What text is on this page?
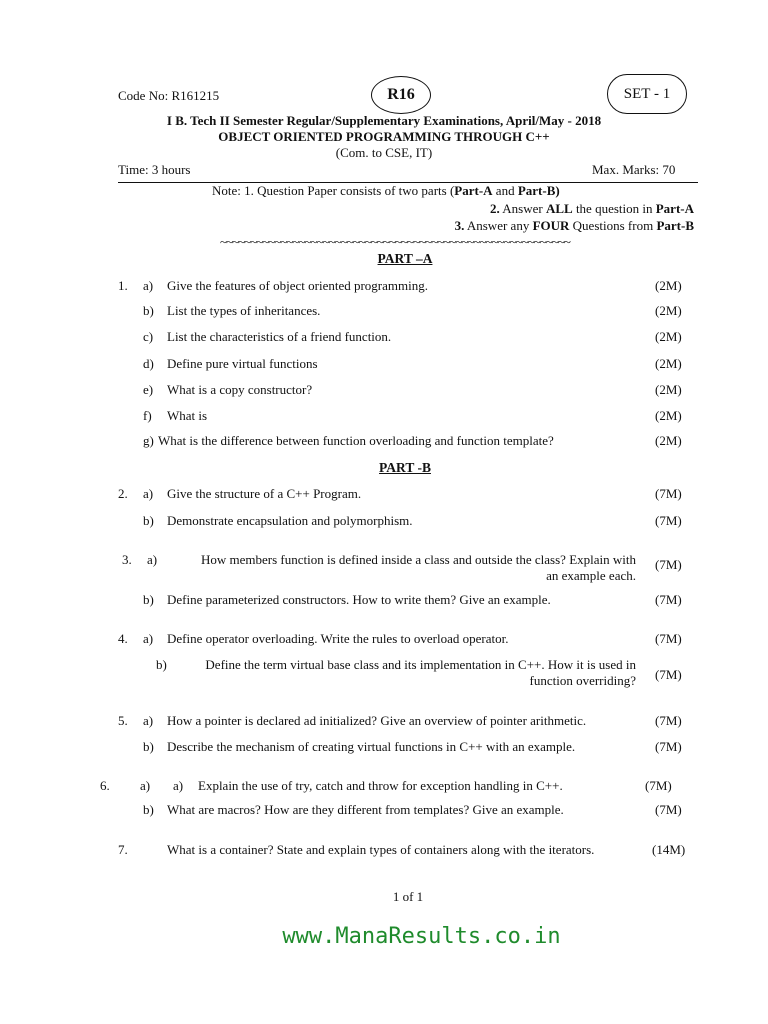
Code No: R161215	R16	SET - 1
I B. Tech II Semester Regular/Supplementary Examinations, April/May - 2018
OBJECT ORIENTED PROGRAMMING THROUGH C++
(Com. to CSE, IT)
Time: 3 hours	Max. Marks: 70
Note: 1. Question Paper consists of two parts (Part-A and Part-B)
2. Answer ALL the question in Part-A
3. Answer any FOUR Questions from Part-B
~~~~~~~~~~~~~~~~~~~~~~~~~~~~~~~~~~~~~~~~~~~~~~~~~~~~~~~~~~
PART –A
1. a) Give the features of object oriented programming.	(2M)
b) List the types of inheritances.	(2M)
c) List the characteristics of a friend function.	(2M)
d) Define pure virtual functions	(2M)
e) What is a copy constructor?	(2M)
f) What is	(2M)
g) What is the difference between function overloading and function template?	(2M)
PART -B
2. a) Give the structure of a C++ Program.	(7M)
b) Demonstrate encapsulation and polymorphism.	(7M)
3. a)	How members function is defined inside a class and outside the class? Explain with
an example each.
(7M)
b) Define parameterized constructors. How to write them? Give an example.	(7M)
4. a) Define operator overloading. Write the rules to overload operator.	(7M)
b)	Define the term virtual base class and its implementation in C++. How it is used in
function overriding? (7M)
5. a) How a pointer is declared ad initialized? Give an overview of pointer arithmetic.	(7M)
b) Describe the mechanism of creating virtual functions in C++ with an example.	(7M)
6. a) a) Explain the use of try, catch and throw for exception handling in C++.	(7M)
b) What are macros? How are they different from templates? Give an example.	(7M)
7.	What is a container? State and explain types of containers along with the iterators.	(14M)
1 of 1
www.ManaResults.co.in
